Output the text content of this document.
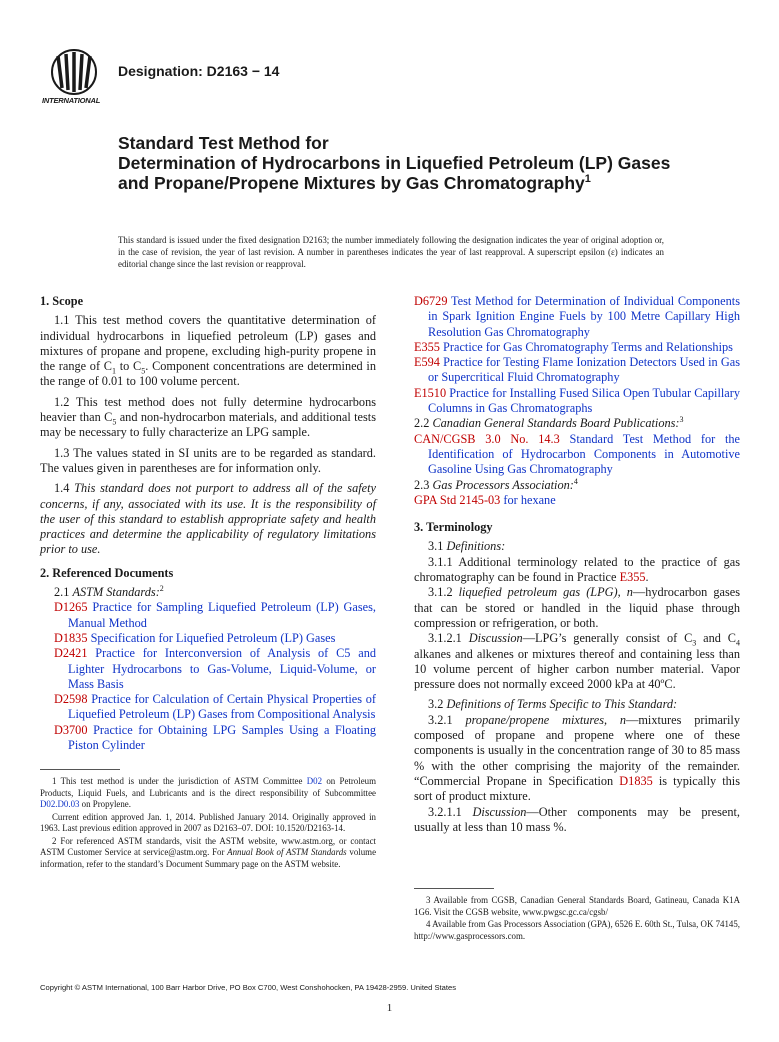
INTERNATIONAL
Designation: D2163 − 14
Standard Test Method for
Determination of Hydrocarbons in Liquefied Petroleum (LP) Gases and Propane/Propene Mixtures by Gas Chromatography$^1$
This standard is issued under the fixed designation D2163; the number immediately following the designation indicates the year of original adoption or, in the case of revision, the year of last revision. A number in parentheses indicates the year of last reapproval. A superscript epsilon (ε) indicates an editorial change since the last revision or reapproval.
1. Scope

1.1 This test method covers the quantitative determination of individual hydrocarbons in liquefied petroleum (LP) gases and mixtures of propane and propene, excluding high-purity propene in the range of $C_1$ to $C_5$. Component concentrations are determined in the range of 0.01 to 100 volume percent.

1.2 This test method does not fully determine hydrocarbons heavier than $C_5$ and non-hydrocarbon materials, and additional tests may be necessary to fully characterize an LPG sample.

1.3 The values stated in SI units are to be regarded as standard. The values given in parentheses are for information only.

1.4 This standard does not purport to address all of the safety concerns, if any, associated with its use. It is the responsibility of the user of this standard to establish appropriate safety and health practices and determine the applicability of regulatory limitations prior to use.

2. Referenced Documents

2.1 ASTM Standards:$^2$

D1265 Practice for Sampling Liquefied Petroleum (LP) Gases, Manual Method

D1835 Specification for Liquefied Petroleum (LP) Gases

D2421 Practice for Interconversion of Analysis of C5 and Lighter Hydrocarbons to Gas-Volume, Liquid-Volume, or Mass Basis

D2598 Practice for Calculation of Certain Physical Properties of Liquefied Petroleum (LP) Gases from Compositional Analysis

D3700 Practice for Obtaining LPG Samples Using a Floating Piston Cylinder

1 This test method is under the jurisdiction of ASTM Committee D02 on Petroleum Products, Liquid Fuels, and Lubricants and is the direct responsibility of Subcommittee D02.D0.03 on Propylene.

Current edition approved Jan. 1, 2014. Published January 2014. Originally approved in 1963. Last previous edition approved in 2007 as D2163–07. DOI: 10.1520/D2163-14.

2 For referenced ASTM standards, visit the ASTM website, www.astm.org, or contact ASTM Customer Service at service@astm.org. For Annual Book of ASTM Standards volume information, refer to the standard’s Document Summary page on the ASTM website.

D6729 Test Method for Determination of Individual Components in Spark Ignition Engine Fuels by 100 Metre Capillary High Resolution Gas Chromatography

E355 Practice for Gas Chromatography Terms and Relationships

E594 Practice for Testing Flame Ionization Detectors Used in Gas or Supercritical Fluid Chromatography

E1510 Practice for Installing Fused Silica Open Tubular Capillary Columns in Gas Chromatographs

2.2 Canadian General Standards Board Publications:$^3$

CAN/CGSB 3.0 No. 14.3 Standard Test Method for the Identification of Hydrocarbon Components in Automotive Gasoline Using Gas Chromatography

2.3 Gas Processors Association:$^4$

GPA Std 2145-03 for hexane

3. Terminology

3.1 Definitions:

3.1.1 Additional terminology related to the practice of gas chromatography can be found in Practice E355.

3.1.2 liquefied petroleum gas (LPG), n—hydrocarbon gases that can be stored or handled in the liquid phase through compression or refrigeration, or both.

3.1.2.1 Discussion—LPG’s generally consist of $C_3$ and $C_4$ alkanes and alkenes or mixtures thereof and containing less than 10 volume percent of higher carbon number material. Vapor pressure does not normally exceed 2000 kPa at 40ºC.

3.2 Definitions of Terms Specific to This Standard:

3.2.1 propane/propene mixtures, n—mixtures primarily composed of propane and propene where one of these components is usually in the concentration range of 30 to 85 mass % with the other comprising the majority of the remainder. “Commercial Propane in Specification D1835 is typically this sort of product mixture.

3.2.1.1 Discussion—Other components may be present, usually at less than 10 mass %.

3 Available from CGSB, Canadian General Standards Board, Gatineau, Canada K1A 1G6. Visit the CGSB website, www.pwgsc.gc.ca/cgsb/

4 Available from Gas Processors Association (GPA), 6526 E. 60th St., Tulsa, OK 74145, http://www.gasprocessors.com.

Copyright © ASTM International, 100 Barr Harbor Drive, PO Box C700, West Conshohocken, PA 19428-2959. United States
1
